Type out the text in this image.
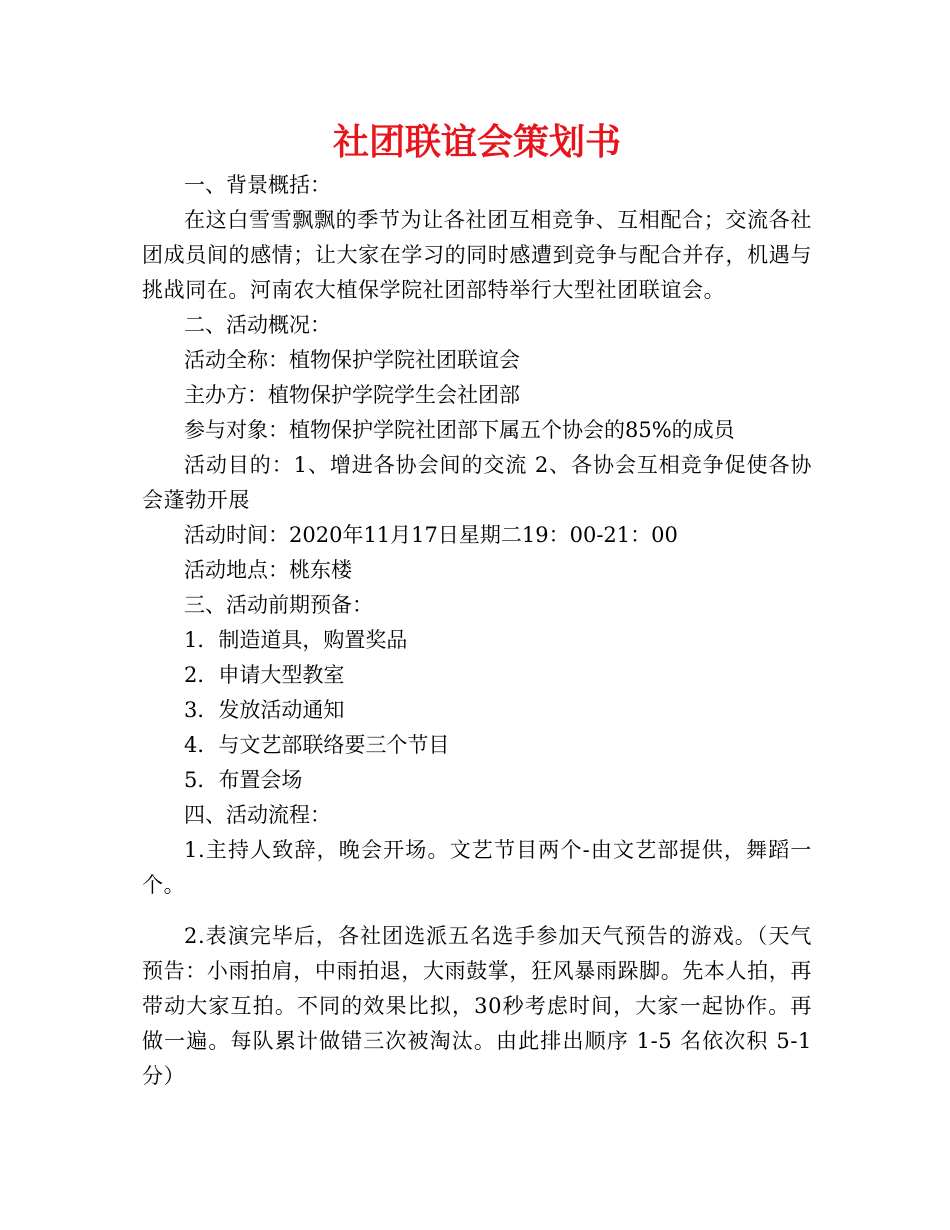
社团联谊会策划书

一、背景概括：

在这白雪雪飘飘的季节为让各社团互相竞争、互相配合；交流各社团成员间的感情；让大家在学习的同时感遭到竞争与配合并存，机遇与挑战同在。河南农大植保学院社团部特举行大型社团联谊会。

二、活动概况：

活动全称：植物保护学院社团联谊会

主办方：植物保护学院学生会社团部

参与对象：植物保护学院社团部下属五个协会的85%的成员

活动目的：1、增进各协会间的交流 2、各协会互相竞争促使各协会蓬勃开展

活动时间：2020年11月17日星期二19：00-21：00

活动地点：桃东楼

三、活动前期预备：

1．制造道具，购置奖品

2．申请大型教室

3．发放活动通知

4．与文艺部联络要三个节目

5．布置会场

四、活动流程：

1.主持人致辞，晚会开场。文艺节目两个-由文艺部提供，舞蹈一个。

2.表演完毕后，各社团选派五名选手参加天气预告的游戏。（天气预告：小雨拍肩，中雨拍退，大雨鼓掌，狂风暴雨跺脚。先本人拍，再带动大家互拍。不同的效果比拟，30秒考虑时间，大家一起协作。再做一遍。每队累计做错三次被淘汰。由此排出顺序 1-5 名依次积 5-1 分）
